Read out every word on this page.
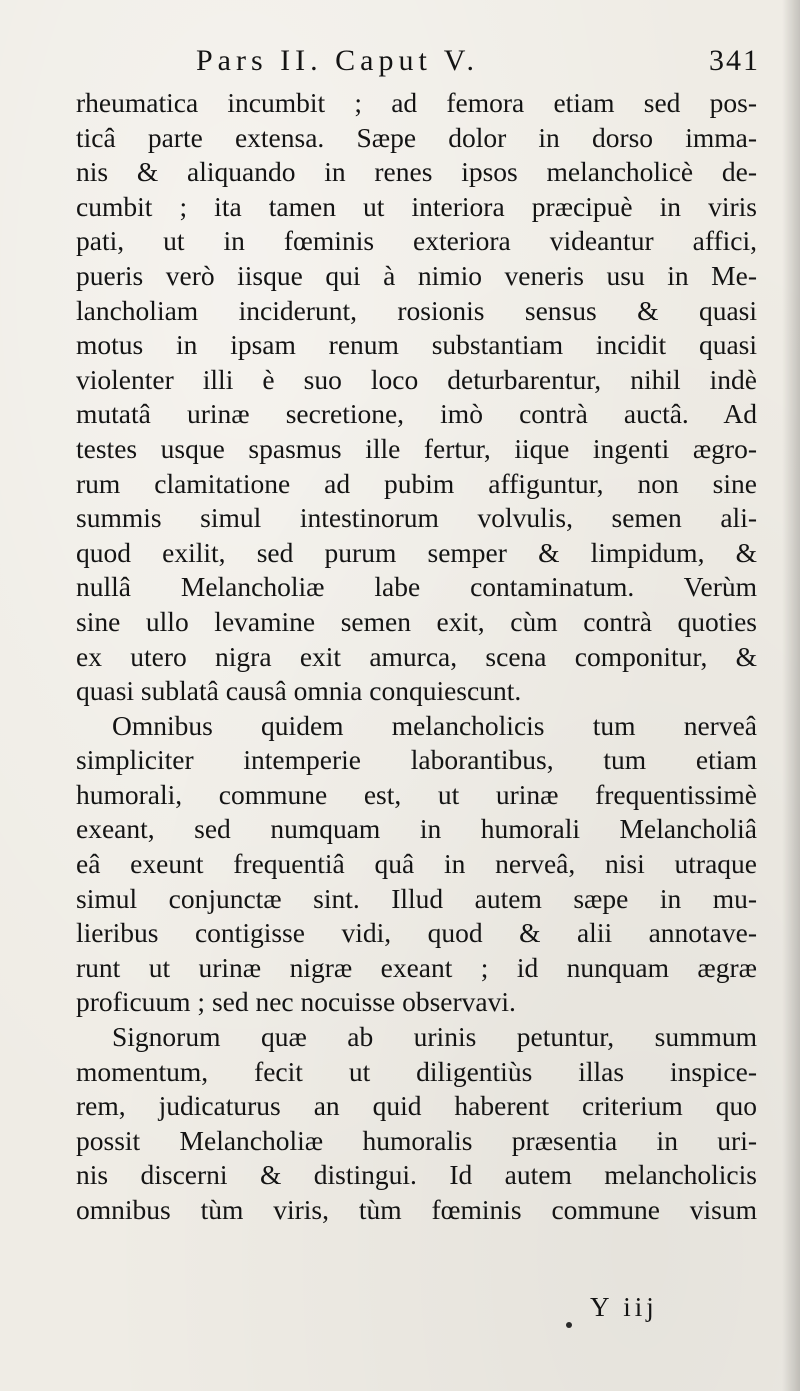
Pars II. Caput V.	341
rheumatica incumbit ; ad femora etiam sed pos-
ticâ parte extensa. Sæpe dolor in dorso imma-
nis & aliquando in renes ipsos melancholicè de-
cumbit ; ita tamen ut interiora præcipuè in viris
pati, ut in fœminis exteriora videantur affici,
pueris verò iisque qui à nimio veneris usu in Me-
lancholiam inciderunt, rosionis sensus & quasi
motus in ipsam renum substantiam incidit quasi
violenter illi è suo loco deturbarentur, nihil indè
mutatâ urinæ secretione, imò contrà auctâ. Ad
testes usque spasmus ille fertur, iique ingenti ægro-
rum clamitatione ad pubim affiguntur, non sine
summis simul intestinorum volvulis, semen ali-
quod exilit, sed purum semper & limpidum, &
nullâ Melancholiæ labe contaminatum. Verùm
sine ullo levamine semen exit, cùm contrà quoties
ex utero nigra exit amurca, scena componitur, &
quasi sublatâ causâ omnia conquiescunt.
Omnibus quidem melancholicis tum nerveâ
simpliciter intemperie laborantibus, tum etiam
humorali, commune est, ut urinæ frequentissimè
exeant, sed numquam in humorali Melancholiâ
eâ exeunt frequentiâ quâ in nerveâ, nisi utraque
simul conjunctæ sint. Illud autem sæpe in mu-
lieribus contigisse vidi, quod & alii annotave-
runt ut urinæ nigræ exeant ; id nunquam ægræ
proficuum ; sed nec nocuisse observavi.
Signorum quæ ab urinis petuntur, summum
momentum, fecit ut diligentiùs illas inspice-
rem, judicaturus an quid haberent criterium quo
possit Melancholiæ humoralis præsentia in uri-
nis discerni & distingui. Id autem melancholicis
omnibus tùm viris, tùm fœminis commune visum
Y iij
